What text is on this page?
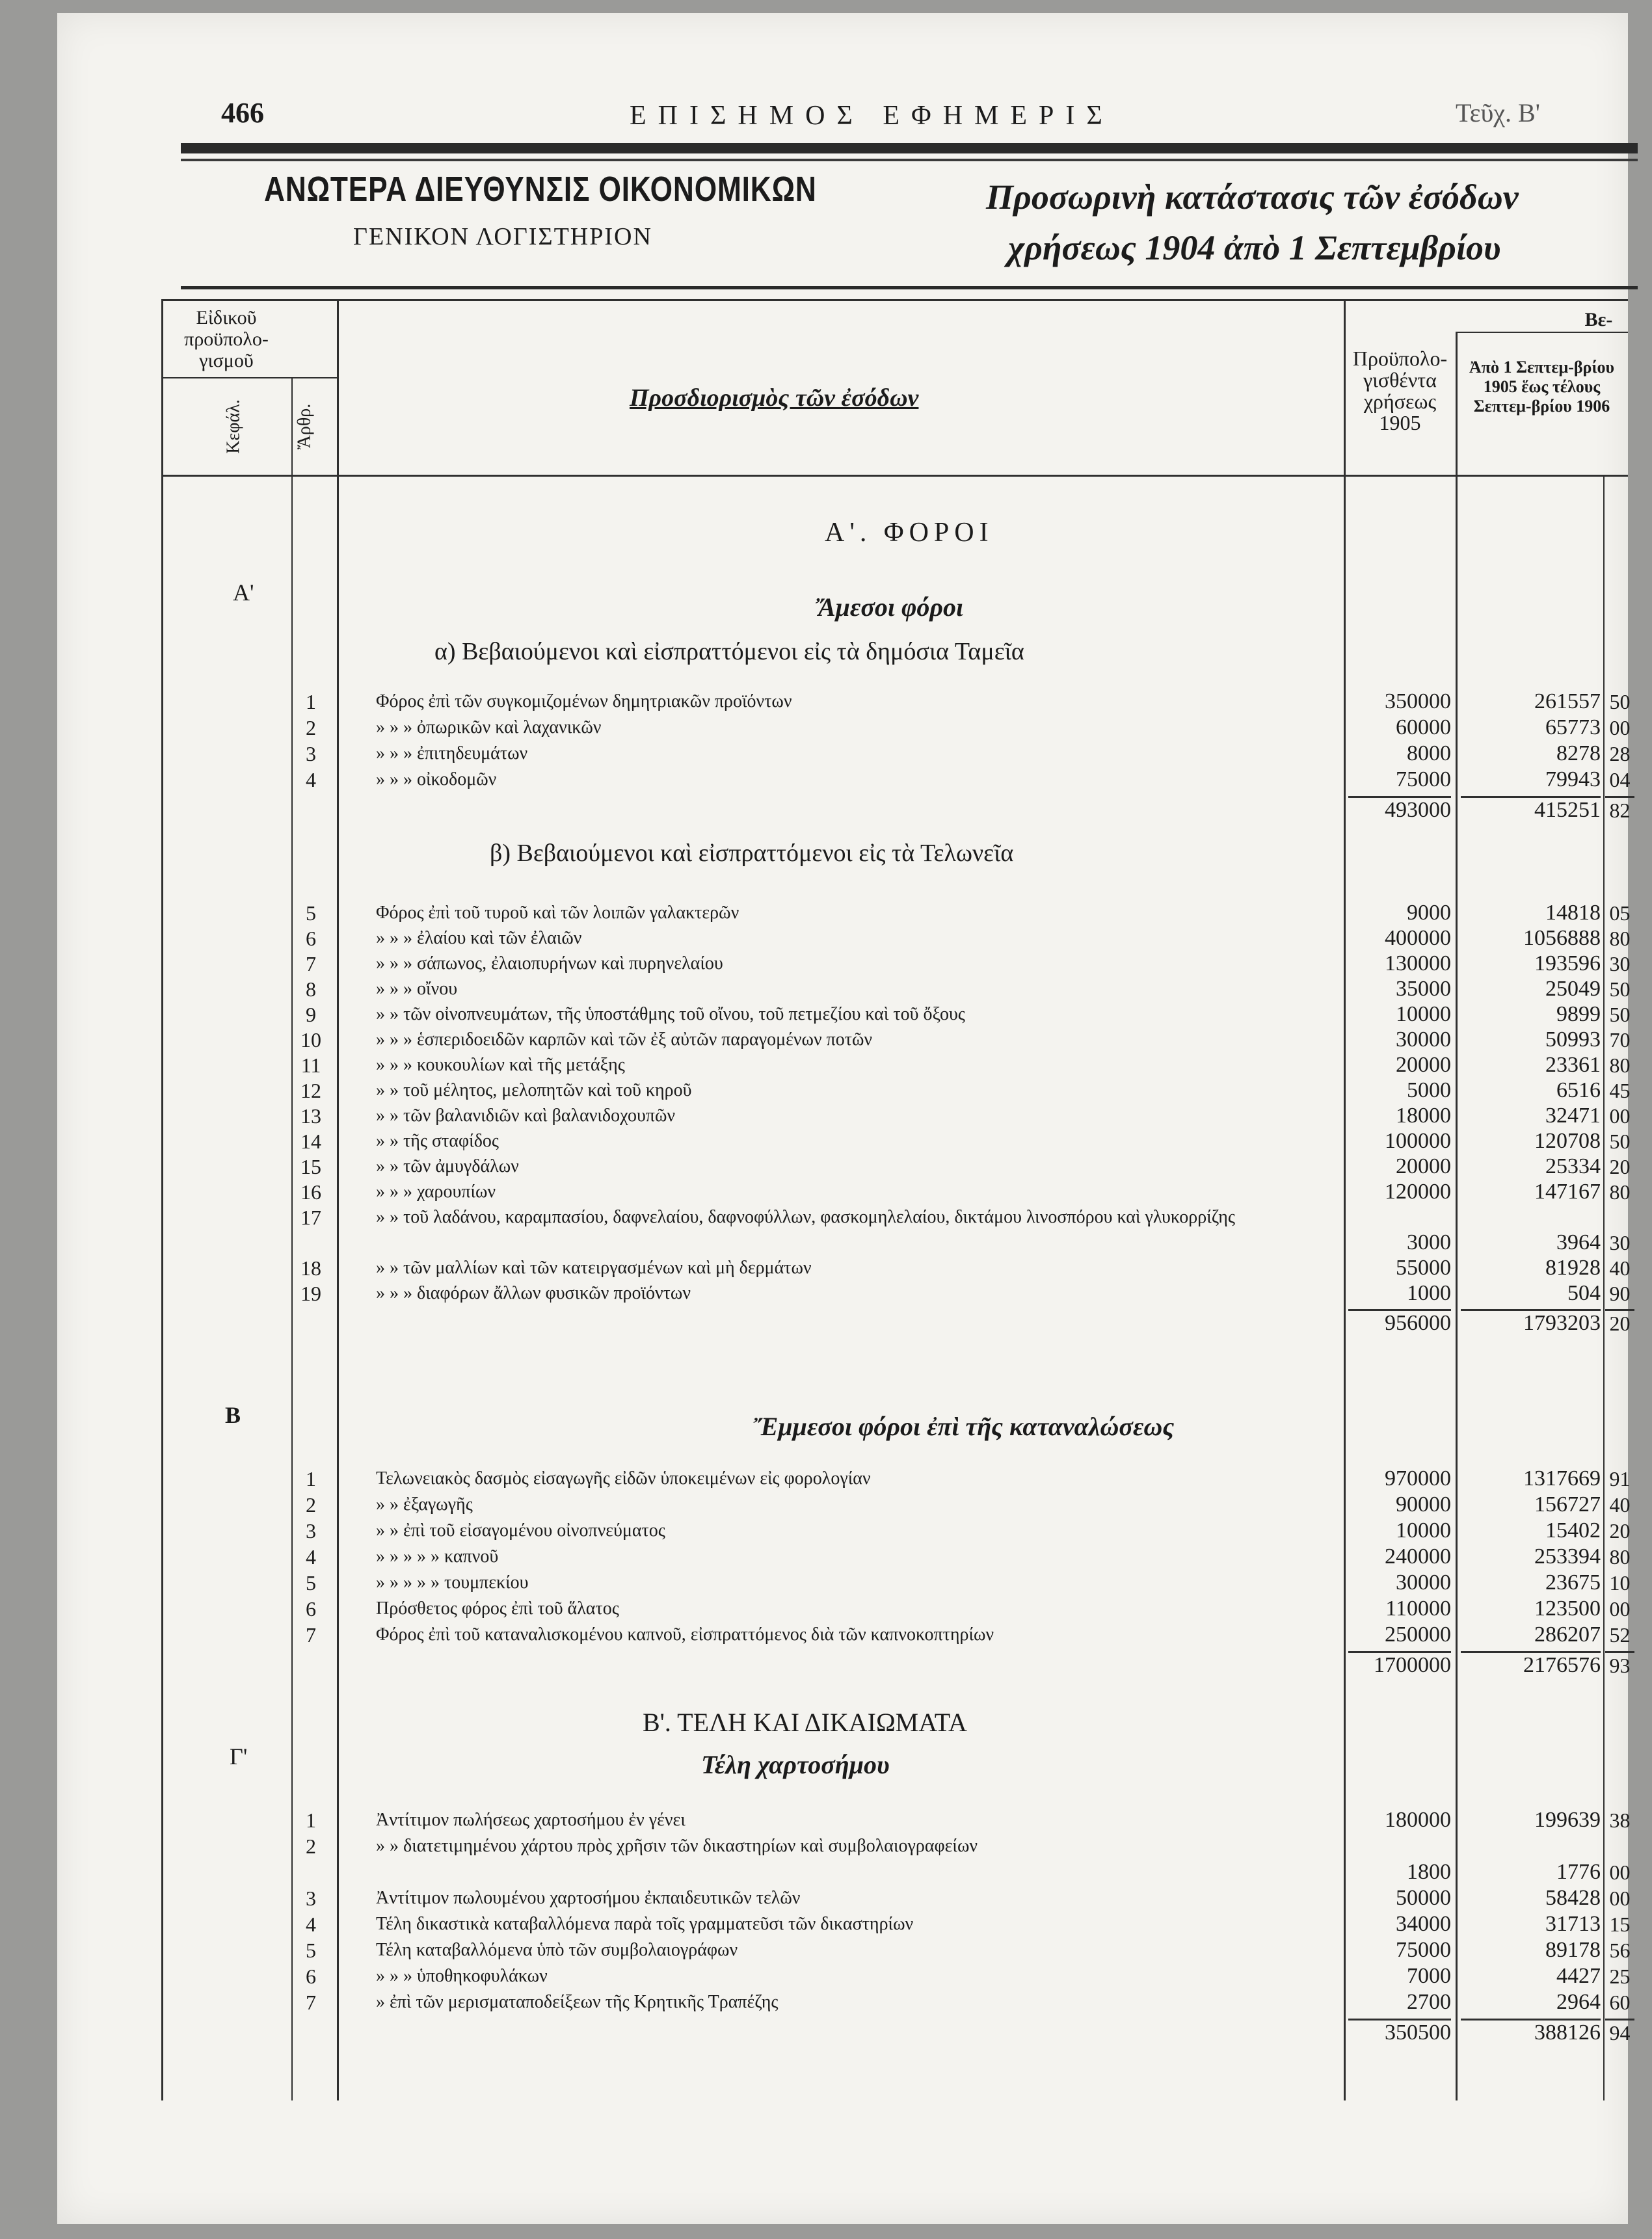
466	ΕΠΙΣΗΜΟΣ ΕΦΗΜΕΡΙΣ	Τεῦχ. Β'
ΑΝΩΤΕΡΑ ΔΙΕΥΘΥΝΣΙΣ ΟΙΚΟΝΟΜΙΚΩΝ
ΓΕΝΙΚΟΝ ΛΟΓΙΣΤΗΡΙΟΝ
Προσωρινὴ κατάστασις τῶν ἐσόδων
χρήσεως 1904 ἀπὸ 1 Σεπτεμβρίου
Εἰδικοῦ προϋπολο-γισμοῦ
Κεφάλ.	Ἄρθρ.
Προσδιορισμὸς τῶν ἐσόδων
Προϋπολο-γισθέντα χρήσεως 1905
Βε-
Ἀπὸ 1 Σεπτεμ-βρίου 1905 ἕως τέλους Σεπτεμ-βρίου 1906
Α'. ΦΟΡΟΙ
Α'	Ἄμεσοι φόροι
α) Βεβαιούμενοι καὶ εἰσπραττόμενοι εἰς τὰ δημόσια Ταμεῖα
1	Φόρος ἐπὶ τῶν συγκομιζομένων δημητριακῶν προϊόντων	350000	261557 50
2	» » » ὀπωρικῶν καὶ λαχανικῶν	60000	65773 00
3	» » » ἐπιτηδευμάτων	8000	8278 28
4	» » » οἰκοδομῶν	75000	79943 04
493000	415251 82
β) Βεβαιούμενοι καὶ εἰσπραττόμενοι εἰς τὰ Τελωνεῖα
5	Φόρος ἐπὶ τοῦ τυροῦ καὶ τῶν λοιπῶν γαλακτερῶν	9000	14818 05
6	» » » ἐλαίου καὶ τῶν ἐλαιῶν	400000	1056888 80
7	» » » σάπωνος, ἐλαιοπυρήνων καὶ πυρηνελαίου	130000	193596 30
8	» » » οἴνου	35000	25049 50
9	» » τῶν οἰνοπνευμάτων, τῆς ὑποστάθμης τοῦ οἴνου, τοῦ πετμεζίου καὶ τοῦ ὄξους	10000	9899 50
10	» » » ἑσπεριδοειδῶν καρπῶν καὶ τῶν ἐξ αὐτῶν παραγομένων ποτῶν	30000	50993 70
11	» » » κουκουλίων καὶ τῆς μετάξης	20000	23361 80
12	» » τοῦ μέλητος, μελοπητῶν καὶ τοῦ κηροῦ	5000	6516 45
13	» » τῶν βαλανιδιῶν καὶ βαλανιδοχουπῶν	18000	32471 00
14	» » τῆς σταφίδος	100000	120708 50
15	» » τῶν ἀμυγδάλων	20000	25334 20
16	» » » χαρουπίων	120000	147167 80
17	» » τοῦ λαδάνου, καραμπασίου, δαφνελαίου, δαφνοφύλλων, φασκομηλελαίου, δικτάμου λινοσπόρου καὶ γλυκορρίζης
3000	3964 30
18	» » τῶν μαλλίων καὶ τῶν κατειργασμένων καὶ μὴ δερμάτων	55000	81928 40
19	» » » διαφόρων ἄλλων φυσικῶν προϊόντων	1000	504 90
956000	1793203 20
Β	Ἔμμεσοι φόροι ἐπὶ τῆς καταναλώσεως
1	Τελωνειακὸς δασμὸς εἰσαγωγῆς εἰδῶν ὑποκειμένων εἰς φορολογίαν	970000	1317669 91
2	» » ἐξαγωγῆς	90000	156727 40
3	» » ἐπὶ τοῦ εἰσαγομένου οἰνοπνεύματος	10000	15402 20
4	» » » » » καπνοῦ	240000	253394 80
5	» » » » » τουμπεκίου	30000	23675 10
6	Πρόσθετος φόρος ἐπὶ τοῦ ἅλατος	110000	123500 00
7	Φόρος ἐπὶ τοῦ καταναλισκομένου καπνοῦ, εἰσπραττόμενος διὰ τῶν καπνοκοπτηρίων	250000	286207 52
1700000	2176576 93
Β'. ΤΕΛΗ ΚΑΙ ΔΙΚΑΙΩΜΑΤΑ
Γ'	Τέλη χαρτοσήμου
1	Ἀντίτιμον πωλήσεως χαρτοσήμου ἐν γένει	180000	199639 38
2	» » διατετιμημένου χάρτου πρὸς χρῆσιν τῶν δικαστηρίων καὶ συμβολαιογραφείων
1800	1776 00
3	Ἀντίτιμον πωλουμένου χαρτοσήμου ἐκπαιδευτικῶν τελῶν	50000	58428 00
4	Τέλη δικαστικὰ καταβαλλόμενα παρὰ τοῖς γραμματεῦσι τῶν δικαστηρίων	34000	31713 15
5	Τέλη καταβαλλόμενα ὑπὸ τῶν συμβολαιογράφων	75000	89178 56
6	» » » ὑποθηκοφυλάκων	7000	4427 25
7	» ἐπὶ τῶν μερισματαποδείξεων τῆς Κρητικῆς Τραπέζης	2700	2964 60
350500	388126 94
